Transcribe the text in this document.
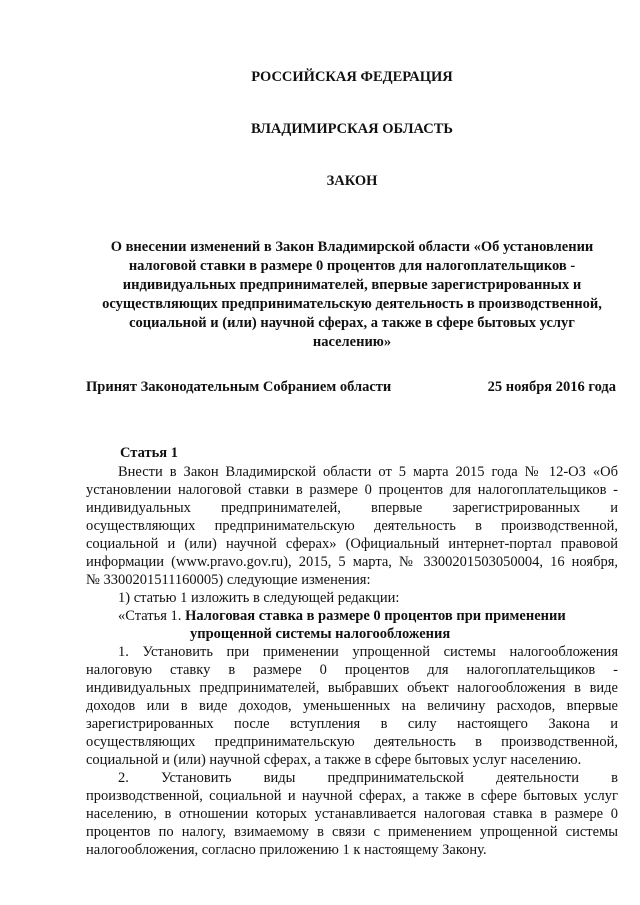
РОССИЙСКАЯ ФЕДЕРАЦИЯ
ВЛАДИМИРСКАЯ ОБЛАСТЬ
ЗАКОН
О внесении изменений в Закон Владимирской области «Об установлении
налоговой ставки в размере 0 процентов для налогоплательщиков -
индивидуальных предпринимателей, впервые зарегистрированных и
осуществляющих предпринимательскую деятельность в производственной,
социальной и (или) научной сферах, а также в сфере бытовых услуг
населению»
Принят Законодательным Собранием области	25 ноября 2016 года
Статья 1
Внести в Закон Владимирской области от 5 марта 2015 года № 12-ОЗ «Об
установлении налоговой ставки в размере 0 процентов для налогоплательщиков -
индивидуальных предпринимателей, впервые зарегистрированных и
осуществляющих предпринимательскую деятельность в производственной,
социальной и (или) научной сферах» (Официальный интернет-портал правовой
информации (www.pravo.gov.ru), 2015, 5 марта, № 3300201503050004, 16 ноября,
№ 3300201511160005) следующие изменения:
1) статью 1 изложить в следующей редакции:
«Статья 1. Налоговая ставка в размере 0 процентов при применении
упрощенной системы налогообложения
1. Установить при применении упрощенной системы налогообложения
налоговую ставку в размере 0 процентов для налогоплательщиков -
индивидуальных предпринимателей, выбравших объект налогообложения в виде
доходов или в виде доходов, уменьшенных на величину расходов, впервые
зарегистрированных после вступления в силу настоящего Закона и
осуществляющих предпринимательскую деятельность в производственной,
социальной и (или) научной сферах, а также в сфере бытовых услуг населению.
2. Установить виды предпринимательской деятельности в
производственной, социальной и научной сферах, а также в сфере бытовых услуг
населению, в отношении которых устанавливается налоговая ставка в размере 0
процентов по налогу, взимаемому в связи с применением упрощенной системы
налогообложения, согласно приложению 1 к настоящему Закону.
